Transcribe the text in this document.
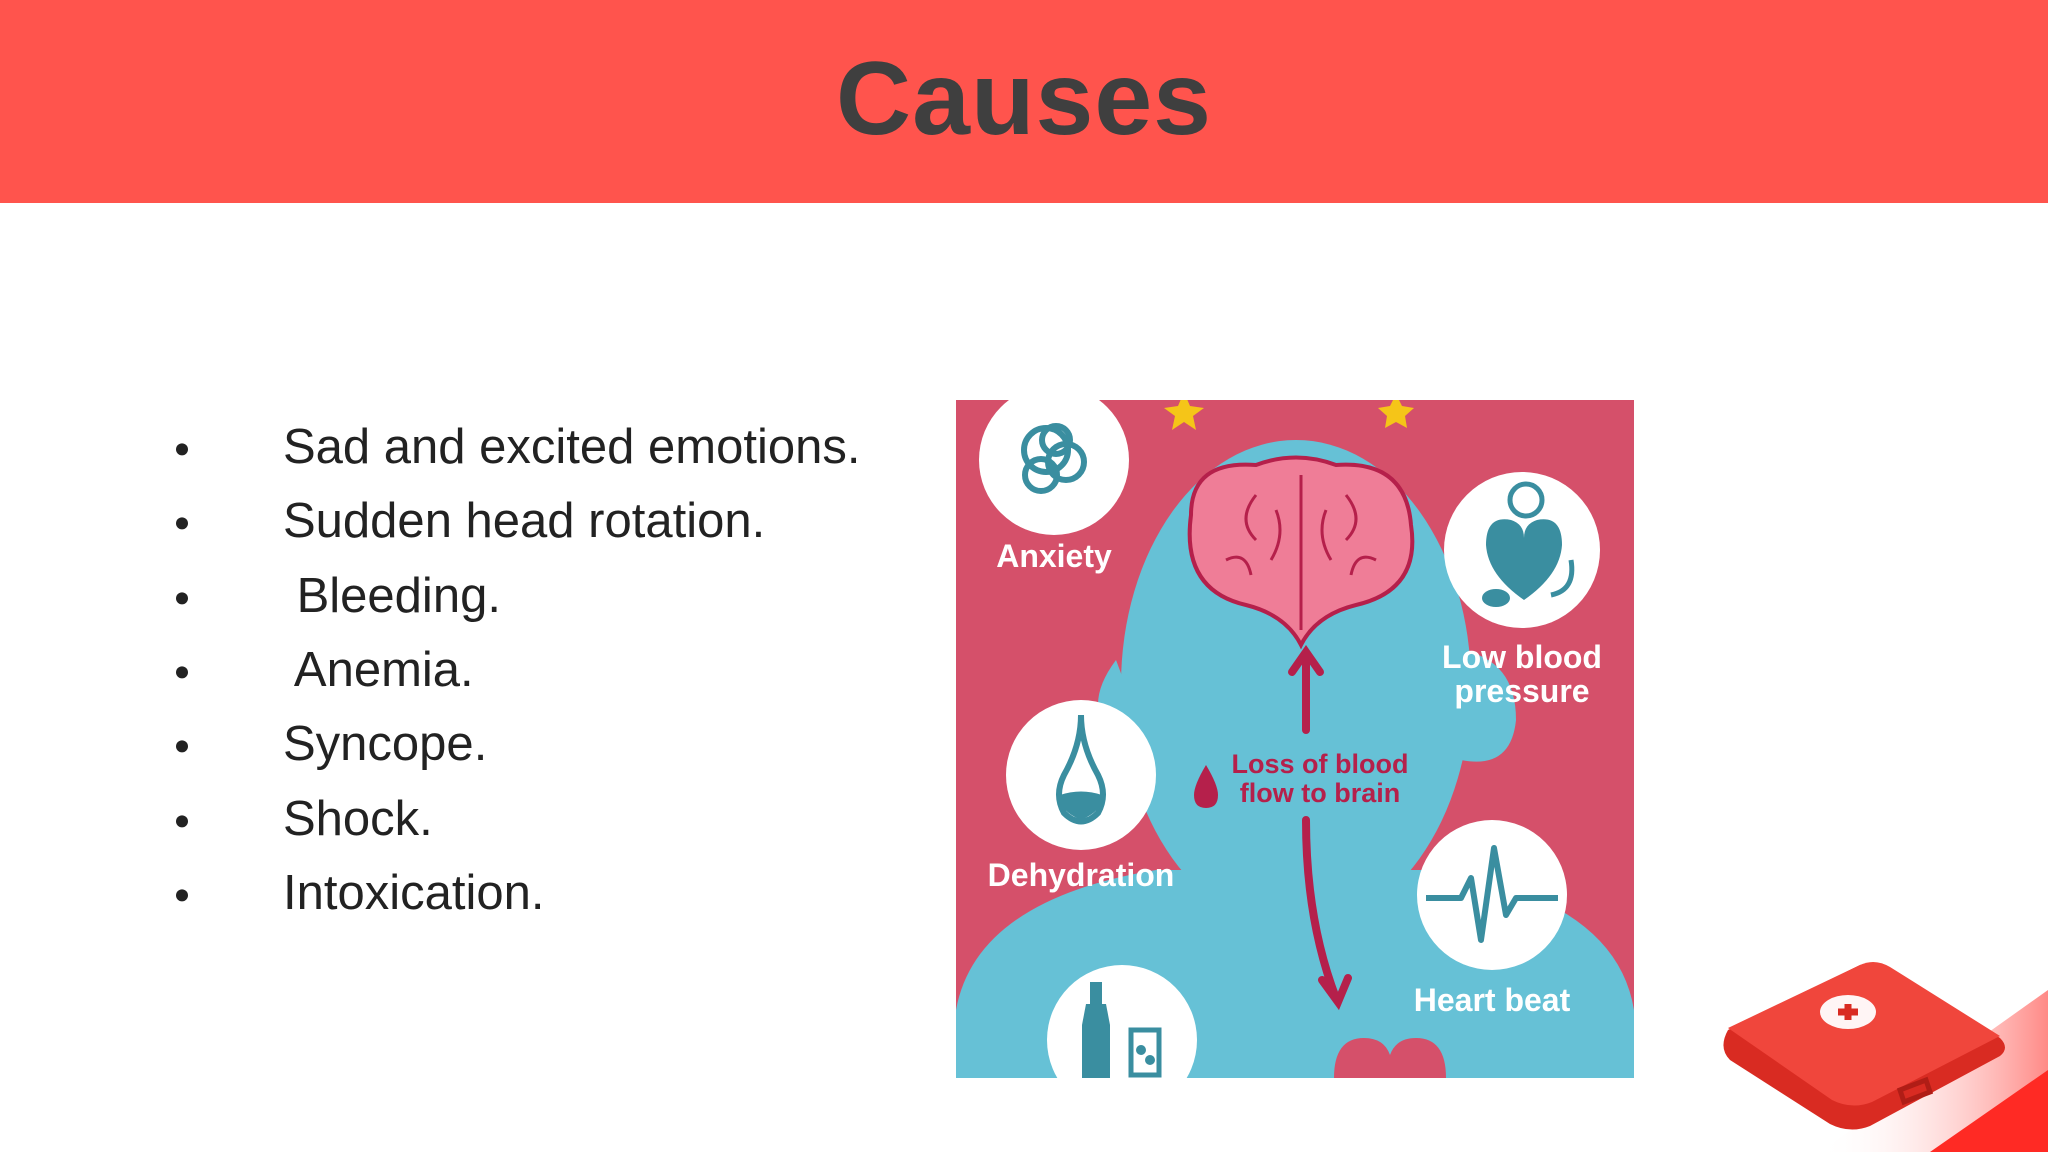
Causes
Sad and excited emotions.
Sudden head rotation.
Bleeding.
Anemia.
Syncope.
Shock.
Intoxication.
Loss of blood
flow to brain
Anxiety
Low blood
pressure
Dehydration
Heart beat
